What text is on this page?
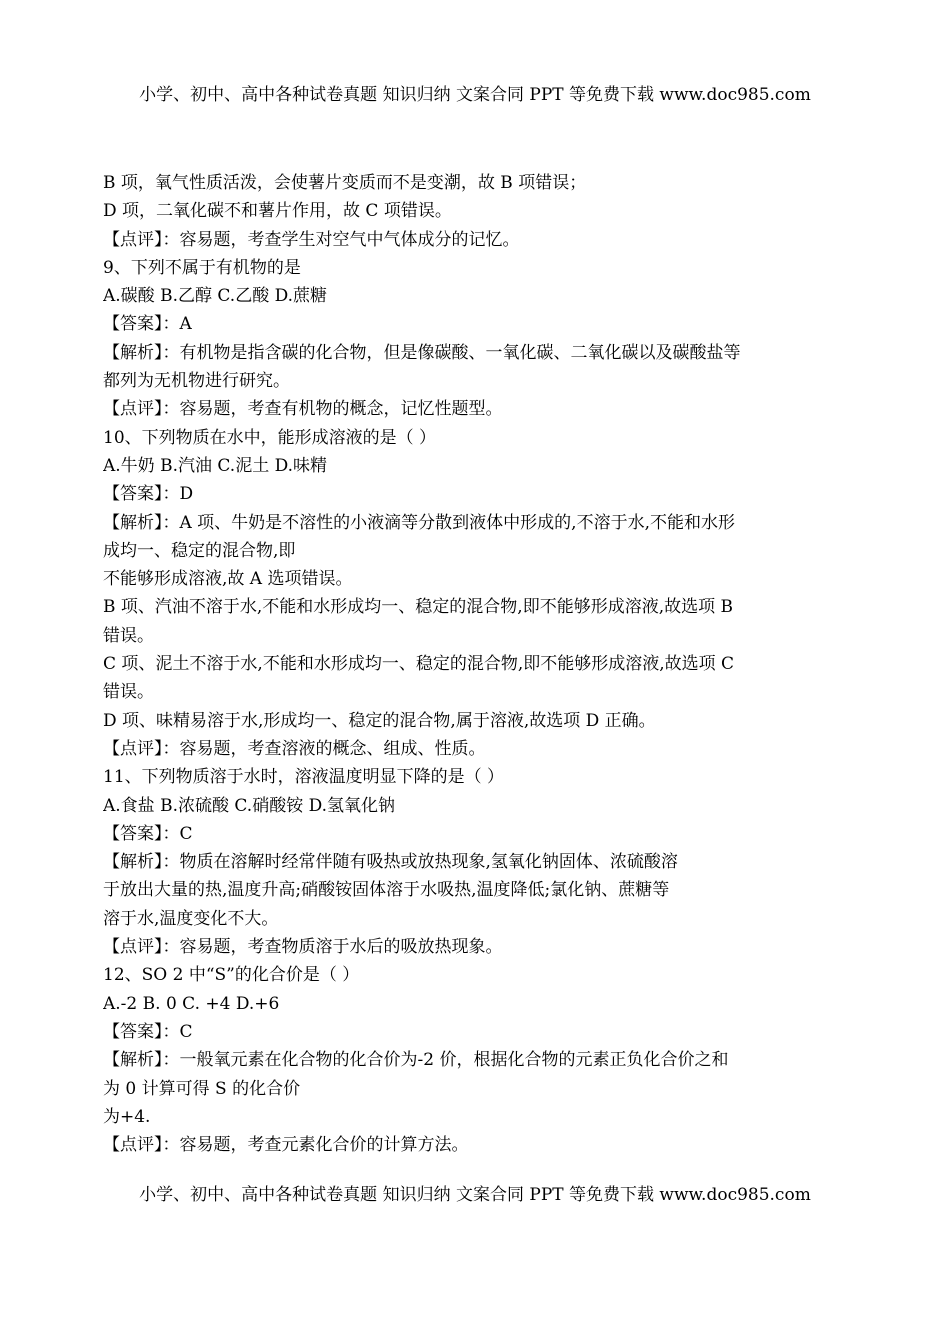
小学、初中、高中各种试卷真题 知识归纳 文案合同 PPT 等免费下载 www.doc985.com
B 项，氧气性质活泼，会使薯片变质而不是变潮，故 B 项错误；
D 项，二氧化碳不和薯片作用，故 C 项错误。
【点评】：容易题，考查学生对空气中气体成分的记忆。
9、下列不属于有机物的是
A.碳酸 B.乙醇 C.乙酸 D.蔗糖
【答案】：A
【解析】：有机物是指含碳的化合物，但是像碳酸、一氧化碳、二氧化碳以及碳酸盐等
都列为无机物进行研究。
【点评】：容易题，考查有机物的概念，记忆性题型。
10、下列物质在水中，能形成溶液的是（ ）
A.牛奶 B.汽油 C.泥土 D.味精
【答案】：D
【解析】：A 项、牛奶是不溶性的小液滴等分散到液体中形成的,不溶于水,不能和水形
成均一、稳定的混合物,即
不能够形成溶液,故 A 选项错误。
B 项、汽油不溶于水,不能和水形成均一、稳定的混合物,即不能够形成溶液,故选项 B
错误。
C 项、泥土不溶于水,不能和水形成均一、稳定的混合物,即不能够形成溶液,故选项 C
错误。
D 项、味精易溶于水,形成均一、稳定的混合物,属于溶液,故选项 D 正确。
【点评】：容易题，考查溶液的概念、组成、性质。
11、下列物质溶于水时，溶液温度明显下降的是（ ）
A.食盐 B.浓硫酸 C.硝酸铵 D.氢氧化钠
【答案】：C
【解析】：物质在溶解时经常伴随有吸热或放热现象,氢氧化钠固体、浓硫酸溶
于放出大量的热,温度升高;硝酸铵固体溶于水吸热,温度降低;氯化钠、蔗糖等
溶于水,温度变化不大。
【点评】：容易题，考查物质溶于水后的吸放热现象。
12、SO 2 中“S”的化合价是（ ）
A.-2 B. 0 C. +4 D.+6
【答案】：C
【解析】：一般氧元素在化合物的化合价为-2 价，根据化合物的元素正负化合价之和
为 0 计算可得 S 的化合价
为+4.
【点评】：容易题，考查元素化合价的计算方法。
小学、初中、高中各种试卷真题 知识归纳 文案合同 PPT 等免费下载 www.doc985.com
